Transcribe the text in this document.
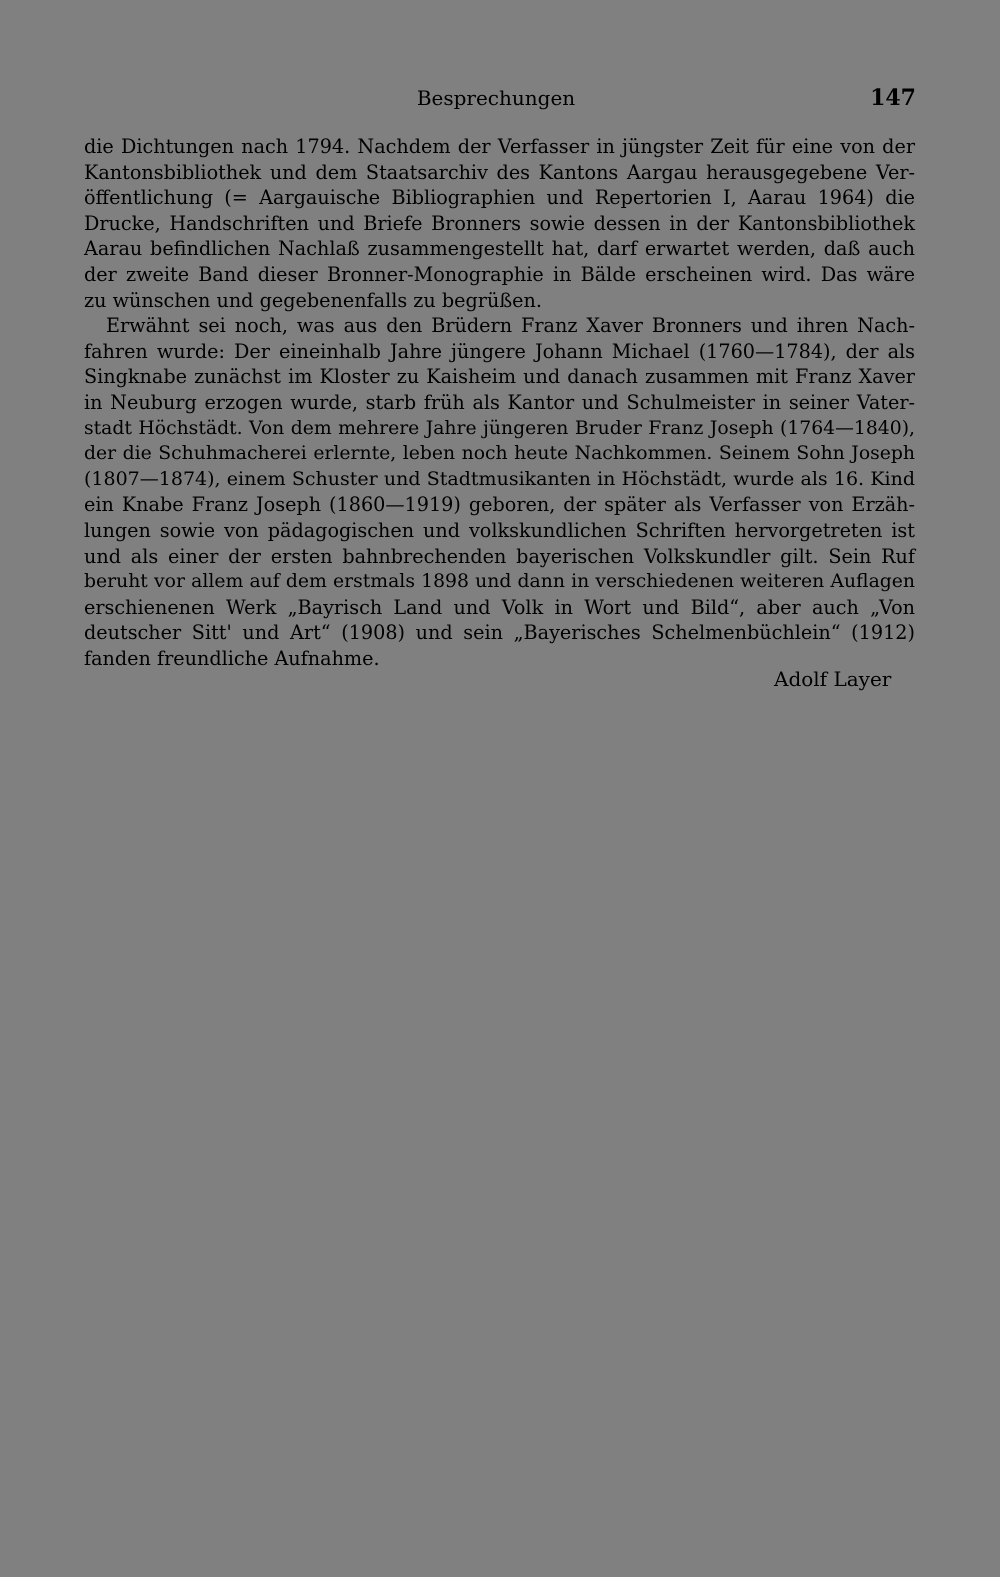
Besprechungen	147
die Dichtungen nach 1794. Nachdem der Verfasser in jüngster Zeit für eine von der
Kantonsbibliothek und dem Staatsarchiv des Kantons Aargau herausgegebene Ver-
öffentlichung (= Aargauische Bibliographien und Repertorien I, Aarau 1964) die
Drucke, Handschriften und Briefe Bronners sowie dessen in der Kantonsbibliothek
Aarau befindlichen Nachlaß zusammengestellt hat, darf erwartet werden, daß auch
der zweite Band dieser Bronner-Monographie in Bälde erscheinen wird. Das wäre
zu wünschen und gegebenenfalls zu begrüßen.
Erwähnt sei noch, was aus den Brüdern Franz Xaver Bronners und ihren Nach-
fahren wurde: Der eineinhalb Jahre jüngere Johann Michael (1760—1784), der als
Singknabe zunächst im Kloster zu Kaisheim und danach zusammen mit Franz Xaver
in Neuburg erzogen wurde, starb früh als Kantor und Schulmeister in seiner Vater-
stadt Höchstädt. Von dem mehrere Jahre jüngeren Bruder Franz Joseph (1764—1840),
der die Schuhmacherei erlernte, leben noch heute Nachkommen. Seinem Sohn Joseph
(1807—1874), einem Schuster und Stadtmusikanten in Höchstädt, wurde als 16. Kind
ein Knabe Franz Joseph (1860—1919) geboren, der später als Verfasser von Erzäh-
lungen sowie von pädagogischen und volkskundlichen Schriften hervorgetreten ist
und als einer der ersten bahnbrechenden bayerischen Volkskundler gilt. Sein Ruf
beruht vor allem auf dem erstmals 1898 und dann in verschiedenen weiteren Auflagen
erschienenen Werk „Bayrisch Land und Volk in Wort und Bild“, aber auch „Von
deutscher Sitt' und Art“ (1908) und sein „Bayerisches Schelmenbüchlein“ (1912)
fanden freundliche Aufnahme.
Adolf Layer
